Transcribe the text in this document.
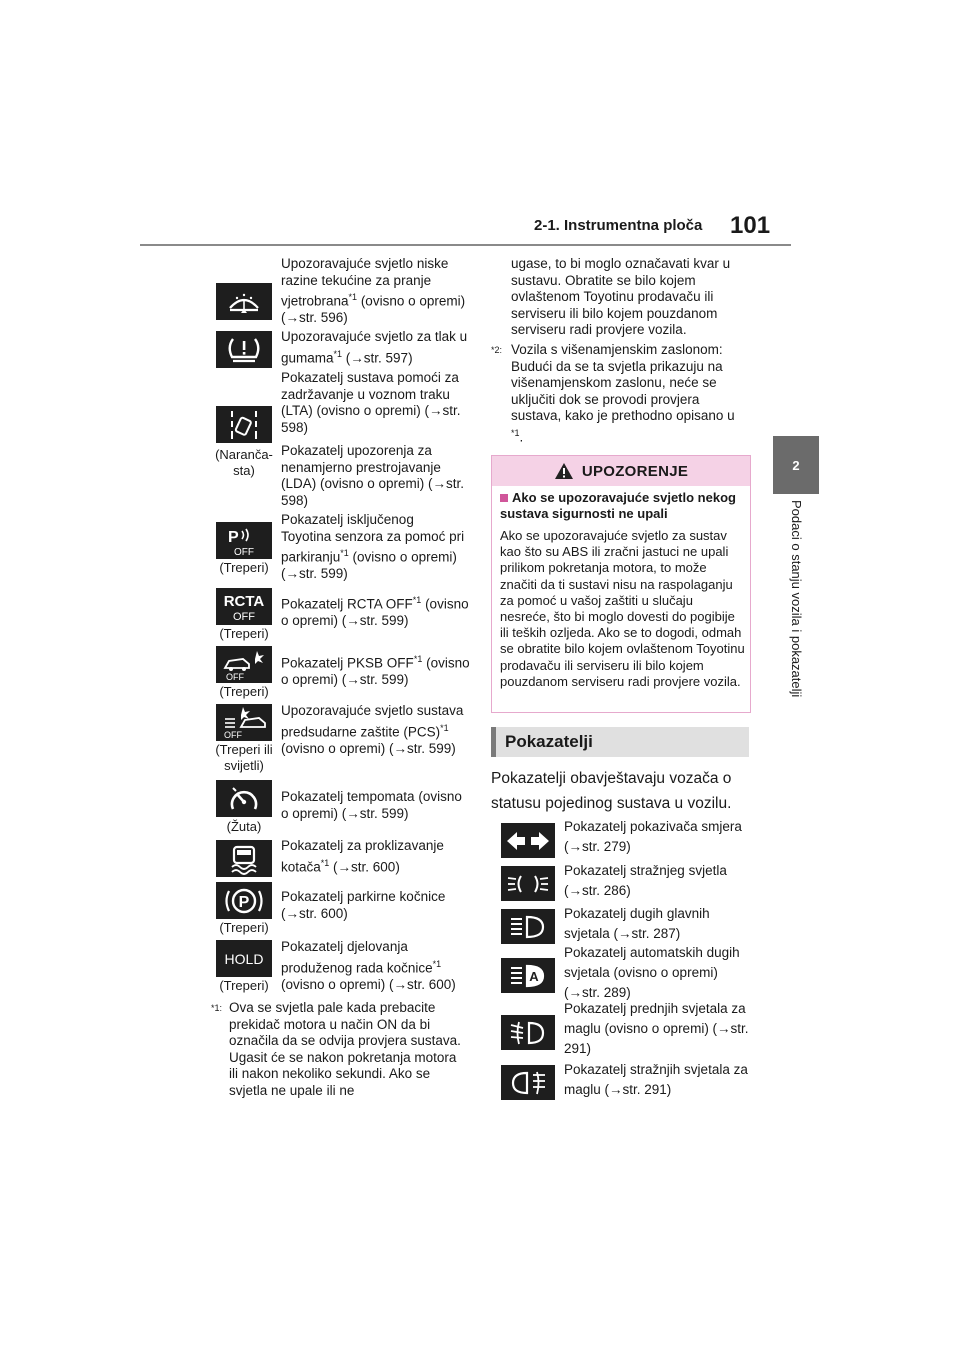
2-1. Instrumentna ploča 101
2
Podaci o stanju vozila i pokazatelji
Upozoravajuće svjetlo niske razine tekućine za pranje vjetrobrana$^{*1}$ (ovisno o opremi) (→str. 596)
Upozoravajuće svjetlo za tlak u gumama$^{*1}$ (→str. 597)
(Naranča-sta)
Pokazatelj sustava pomoći za zadržavanje u voznom traku (LTA) (ovisno o opremi) (→str. 598)
Pokazatelj upozorenja za nenamjerno prestrojavanje (LDA) (ovisno o opremi) (→str. 598)
P
OFF
(Treperi)
Pokazatelj isključenog Toyotina senzora za pomoć pri parkiranju$^{*1}$ (ovisno o opremi) (→str. 599)
RCTA
OFF
(Treperi)
Pokazatelj RCTA OFF$^{*1}$ (ovisno o opremi) (→str. 599)
OFF
(Treperi)
Pokazatelj PKSB OFF$^{*1}$ (ovisno o opremi) (→str. 599)
OFF
(Treperi ili svijetli)
Upozoravajuće svjetlo sustava predsudarne zaštite (PCS)$^{*1}$ (ovisno o opremi) (→str. 599)
(Žuta)
Pokazatelj tempomata (ovisno o opremi) (→str. 599)
Pokazatelj za proklizavanje kotača$^{*1}$ (→str. 600)
P
(Treperi)
Pokazatelj parkirne kočnice (→str. 600)
HOLD
(Treperi)
Pokazatelj djelovanja produženog rada kočnice$^{*1}$ (ovisno o opremi) (→str. 600)
$^{*1:}$ Ova se svjetla pale kada prebacite prekidač motora u način ON da bi označila da se odvija provjera sustava. Ugasit će se nakon pokretanja motora ili nakon nekoliko sekundi. Ako se svjetla ne upale ili ne
ugase, to bi moglo označavati kvar u sustavu. Obratite se bilo kojem ovlaštenom Toyotinu prodavaču ili serviseru ili bilo kojem pouzdanom serviseru radi provjere vozila.
$^{*2:}$ Vozila s višenamjenskim zaslonom: Budući da se ta svjetla prikazuju na višenamjenskom zaslonu, neće se uključiti dok se provodi provjera sustava, kako je prethodno opisano u $^{*1}$.
UPOZORENJE
Ako se upozoravajuće svjetlo nekog sustava sigurnosti ne upali
Ako se upozoravajuće svjetlo za sustav kao što su ABS ili zračni jastuci ne upali prilikom pokretanja motora, to može značiti da ti sustavi nisu na raspolaganju za pomoć u vašoj zaštiti u slučaju nesreće, što bi moglo dovesti do pogibije ili teških ozljeda. Ako se to dogodi, odmah se obratite bilo kojem ovlaštenom Toyotinu prodavaču ili serviseru ili bilo kojem pouzdanom serviseru radi provjere vozila.
Pokazatelji
Pokazatelji obavještavaju vozača o statusu pojedinog sustava u vozilu.
Pokazatelj pokazivača smjera (→str. 279)
Pokazatelj stražnjeg svjetla (→str. 286)
Pokazatelj dugih glavnih svjetala (→str. 287)
A
Pokazatelj automatskih dugih svjetala (ovisno o opremi) (→str. 289)
Pokazatelj prednjih svjetala za maglu (ovisno o opremi) (→str. 291)
Pokazatelj stražnjih svjetala za maglu (→str. 291)
